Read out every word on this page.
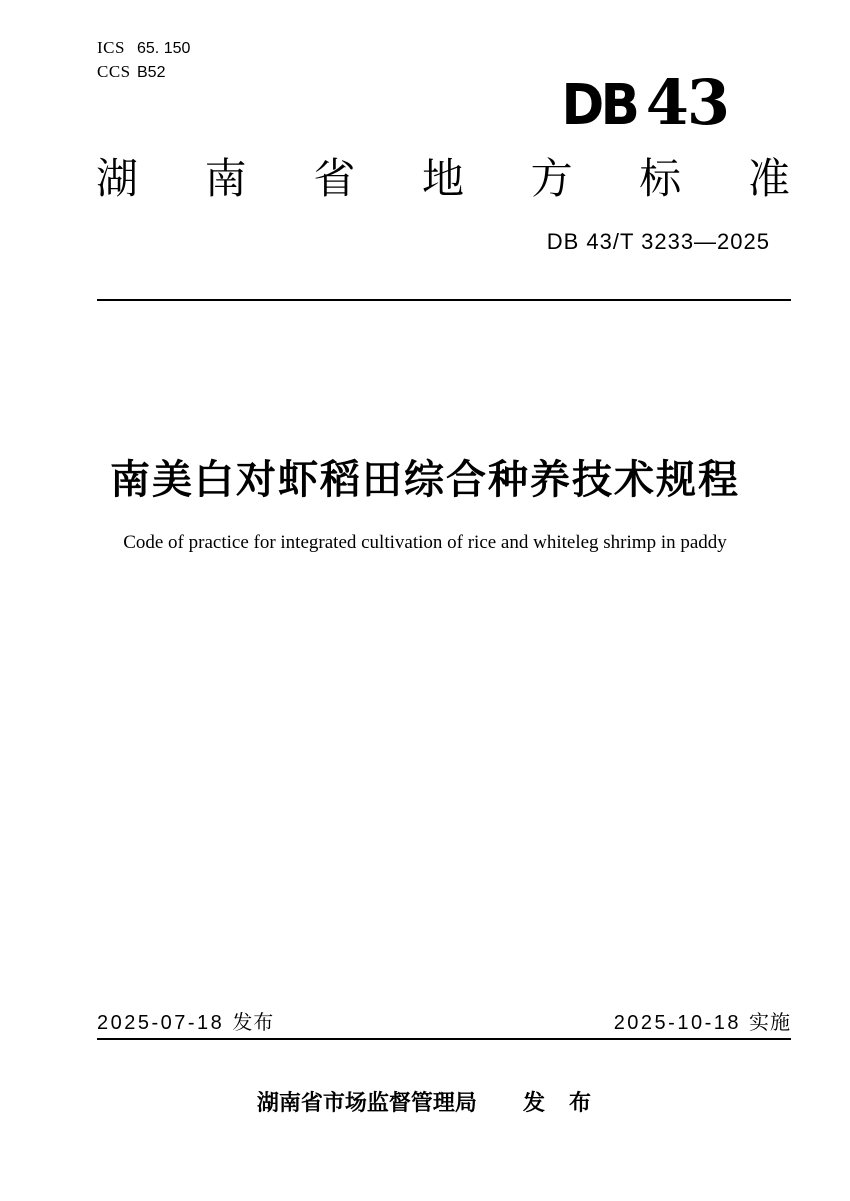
ICS 65. 150
CCS B52
DB 43
湖 南 省 地 方 标 准
DB 43/T 3233—2025
南美白对虾稻田综合种养技术规程
Code of practice for integrated cultivation of rice and whiteleg shrimp in paddy
2025-07-18 发布	2025-10-18 实施
湖南省市场监督管理局 发 布
